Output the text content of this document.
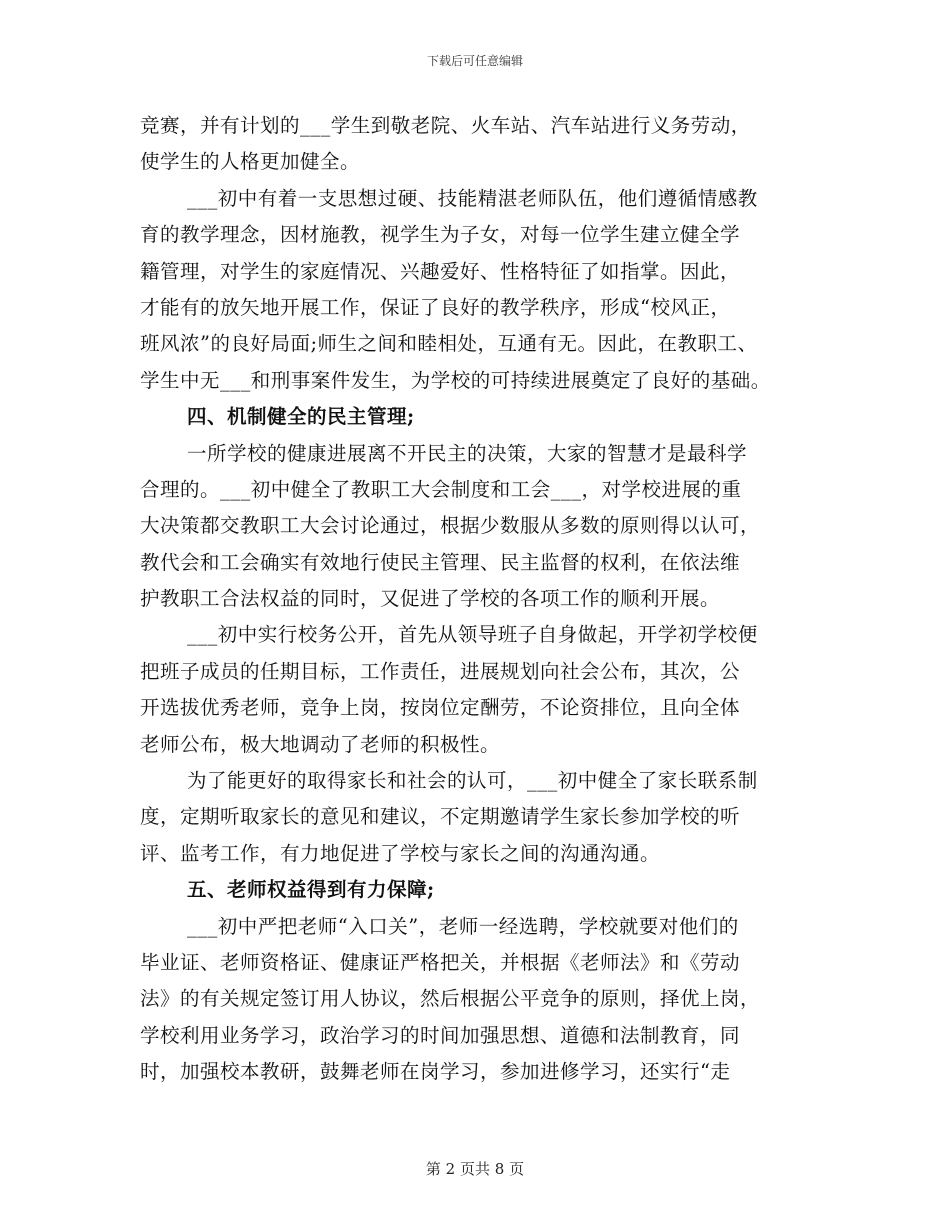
下载后可任意编辑
竞赛，并有计划的___学生到敬老院、火车站、汽车站进行义务劳动，
使学生的人格更加健全。
___初中有着一支思想过硬、技能精湛老师队伍，他们遵循情感教
育的教学理念，因材施教，视学生为子女，对每一位学生建立健全学
籍管理，对学生的家庭情况、兴趣爱好、性格特征了如指掌。因此，
才能有的放矢地开展工作，保证了良好的教学秩序，形成“校风正，
班风浓”的良好局面;师生之间和睦相处，互通有无。因此，在教职工、
学生中无___和刑事案件发生，为学校的可持续进展奠定了良好的基础。
四、机制健全的民主管理;
一所学校的健康进展离不开民主的决策，大家的智慧才是最科学
合理的。___初中健全了教职工大会制度和工会___，对学校进展的重
大决策都交教职工大会讨论通过，根据少数服从多数的原则得以认可，
教代会和工会确实有效地行使民主管理、民主监督的权利，在依法维
护教职工合法权益的同时，又促进了学校的各项工作的顺利开展。
___初中实行校务公开，首先从领导班子自身做起，开学初学校便
把班子成员的任期目标，工作责任，进展规划向社会公布，其次，公
开选拔优秀老师，竞争上岗，按岗位定酬劳，不论资排位，且向全体
老师公布，极大地调动了老师的积极性。
为了能更好的取得家长和社会的认可，___初中健全了家长联系制
度，定期听取家长的意见和建议，不定期邀请学生家长参加学校的听
评、监考工作，有力地促进了学校与家长之间的沟通沟通。
五、老师权益得到有力保障;
___初中严把老师“入口关”，老师一经选聘，学校就要对他们的
毕业证、老师资格证、健康证严格把关，并根据《老师法》和《劳动
法》的有关规定签订用人协议，然后根据公平竞争的原则，择优上岗，
学校利用业务学习，政治学习的时间加强思想、道德和法制教育，同
时，加强校本教研，鼓舞老师在岗学习，参加进修学习，还实行“走
第 2 页共 8 页
